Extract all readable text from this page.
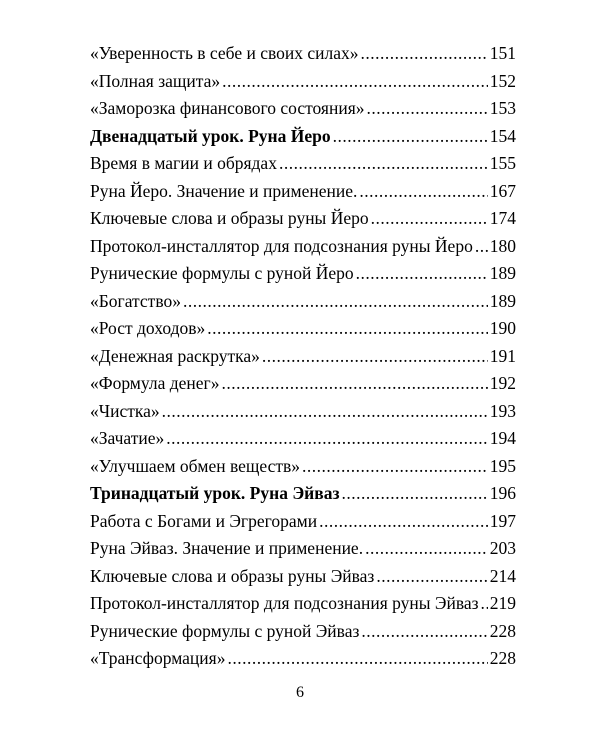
«Уверенность в себе и своих силах» .....	151
«Полная защита» .....	152
«Заморозка финансового состояния» .....	153
Двенадцатый урок. Руна Йеро .....	154
Время в магии и обрядах .....	155
Руна Йеро. Значение и применение. .....	167
Ключевые слова и образы руны Йеро .....	174
Протокол-инсталлятор для подсознания руны Йеро ..... 180
Рунические формулы с руной Йеро .....	189
«Богатство» .....	189
«Рост доходов» .....	190
«Денежная раскрутка» .....	191
«Формула денег» .....	192
«Чистка» .....	193
«Зачатие» .....	194
«Улучшаем обмен веществ» .....	195
Тринадцатый урок. Руна Эйваз .....	196
Работа с Богами и Эгрегорами .....	197
Руна Эйваз. Значение и применение. .....	203
Ключевые слова и образы руны Эйваз .....	214
Протокол-инсталлятор для подсознания руны Эйваз ..... 219
Рунические формулы с руной Эйваз .....	228
«Трансформация» .....	228
6
